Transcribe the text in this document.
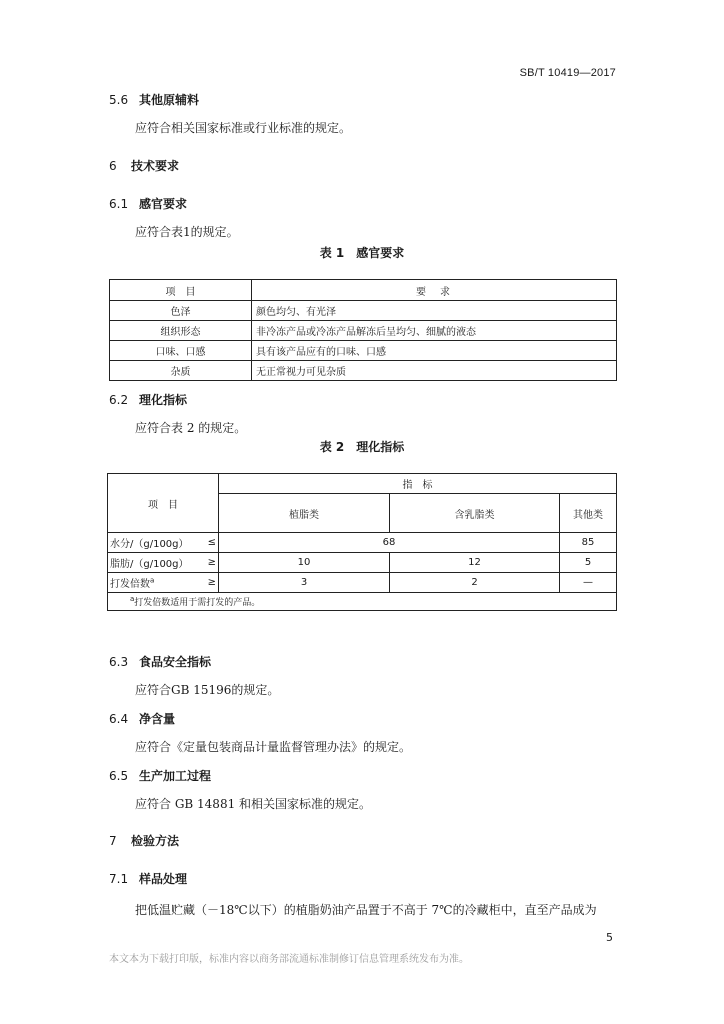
SB/T 10419—2017
5.6 其他原辅料
应符合相关国家标准或行业标准的规定。
6 技术要求
6.1 感官要求
应符合表1的规定。
表 1　感官要求
项　目	要　求
色泽	颜色均匀、有光泽
组织形态	非冷冻产品或冷冻产品解冻后呈均匀、细腻的液态
口味、口感	具有该产品应有的口味、口感
杂质	无正常视力可见杂质
6.2 理化指标
应符合表 2 的规定。
表 2　理化指标
项　目		指　标		
		植脂类	含乳脂类	其他类
水分/（g/100g）	≤	68		85
脂肪/（g/100g）	≥	10	12	5
打发倍数$^a$	≥	3	2	—
$^a$打发倍数适用于需打发的产品。				
6.3 食品安全指标
应符合GB 15196的规定。
6.4 净含量
应符合《定量包装商品计量监督管理办法》的规定。
6.5 生产加工过程
应符合 GB 14881 和相关国家标准的规定。
7 检验方法
7.1 样品处理
把低温贮藏（－18℃以下）的植脂奶油产品置于不高于 7℃的冷藏柜中，直至产品成为
5
本文本为下载打印版，标准内容以商务部流通标准制修订信息管理系统发布为准。
